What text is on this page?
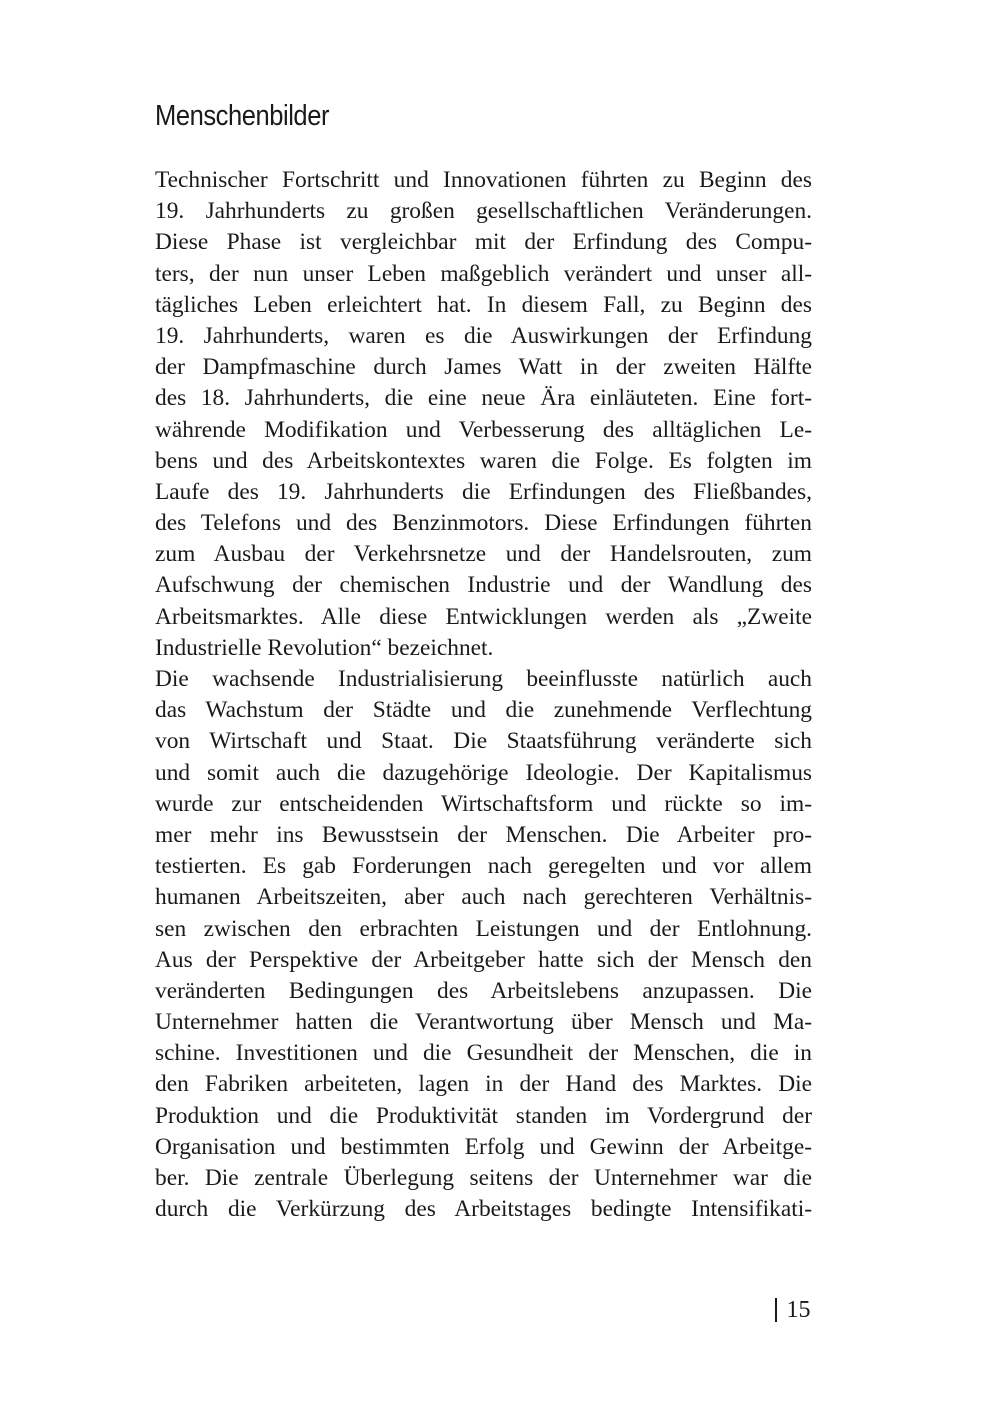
Menschenbilder
Technischer Fortschritt und Innovationen führten zu Beginn des
19. Jahrhunderts zu großen gesellschaftlichen Veränderungen.
Diese Phase ist vergleichbar mit der Erfindung des Compu-
ters, der nun unser Leben maßgeblich verändert und unser all-
tägliches Leben erleichtert hat. In diesem Fall, zu Beginn des
19. Jahrhunderts, waren es die Auswirkungen der Erfindung
der Dampfmaschine durch James Watt in der zweiten Hälfte
des 18. Jahrhunderts, die eine neue Ära einläuteten. Eine fort-
währende Modifikation und Verbesserung des alltäglichen Le-
bens und des Arbeitskontextes waren die Folge. Es folgten im
Laufe des 19. Jahrhunderts die Erfindungen des Fließbandes,
des Telefons und des Benzinmotors. Diese Erfindungen führten
zum Ausbau der Verkehrsnetze und der Handelsrouten, zum
Aufschwung der chemischen Industrie und der Wandlung des
Arbeitsmarktes. Alle diese Entwicklungen werden als „Zweite
Industrielle Revolution“ bezeichnet.
Die wachsende Industrialisierung beeinflusste natürlich auch
das Wachstum der Städte und die zunehmende Verflechtung
von Wirtschaft und Staat. Die Staatsführung veränderte sich
und somit auch die dazugehörige Ideologie. Der Kapitalismus
wurde zur entscheidenden Wirtschaftsform und rückte so im-
mer mehr ins Bewusstsein der Menschen. Die Arbeiter pro-
testierten. Es gab Forderungen nach geregelten und vor allem
humanen Arbeitszeiten, aber auch nach gerechteren Verhältnis-
sen zwischen den erbrachten Leistungen und der Entlohnung.
Aus der Perspektive der Arbeitgeber hatte sich der Mensch den
veränderten Bedingungen des Arbeitslebens anzupassen. Die
Unternehmer hatten die Verantwortung über Mensch und Ma-
schine. Investitionen und die Gesundheit der Menschen, die in
den Fabriken arbeiteten, lagen in der Hand des Marktes. Die
Produktion und die Produktivität standen im Vordergrund der
Organisation und bestimmten Erfolg und Gewinn der Arbeitge-
ber. Die zentrale Überlegung seitens der Unternehmer war die
durch die Verkürzung des Arbeitstages bedingte Intensifikati-
15
